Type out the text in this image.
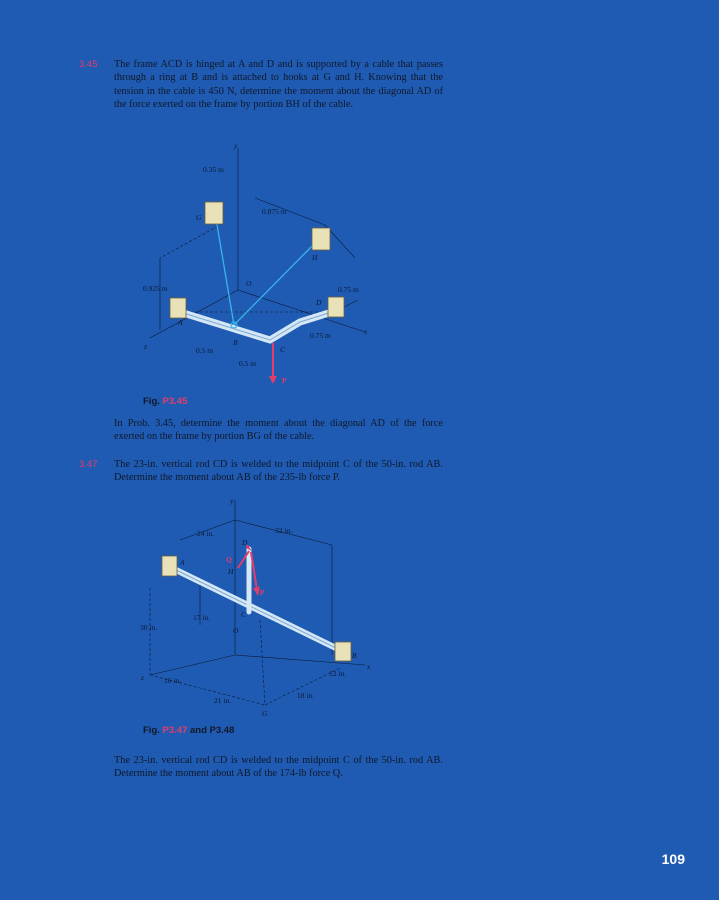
3.45 The frame ACD is hinged at A and D and is supported by a cable that passes through a ring at B and is attached to hooks at G and H. Knowing that the tension in the cable is 450 N, determine the moment about the diagonal AD of the force exerted on the frame by portion BH of the cable.
In Prob. 3.45, determine the moment about the diagonal AD of the force exerted on the frame by portion BG of the cable.
3.47 The 23-in. vertical rod CD is welded to the midpoint C of the 50-in. rod AB. Determine the moment about AB of the 235-lb force P.
The 23-in. vertical rod CD is welded to the midpoint C of the 50-in. rod AB. Determine the moment about AB of the 174-lb force Q.
y
x
z
G
H
O
A
B
C
D
P
0.35 m
0.875 m
0.925 m	0.75 m
0.75 m
0.5 m
0.5 m
Fig. P3.45
y
x
z
A
B
C
D
H
O
G
Q
P
24 in.	32 in.
17 in.
30 in.
16 in.
21 in.
18 in.
12 in.
Fig. P3.47 and P3.48
109
